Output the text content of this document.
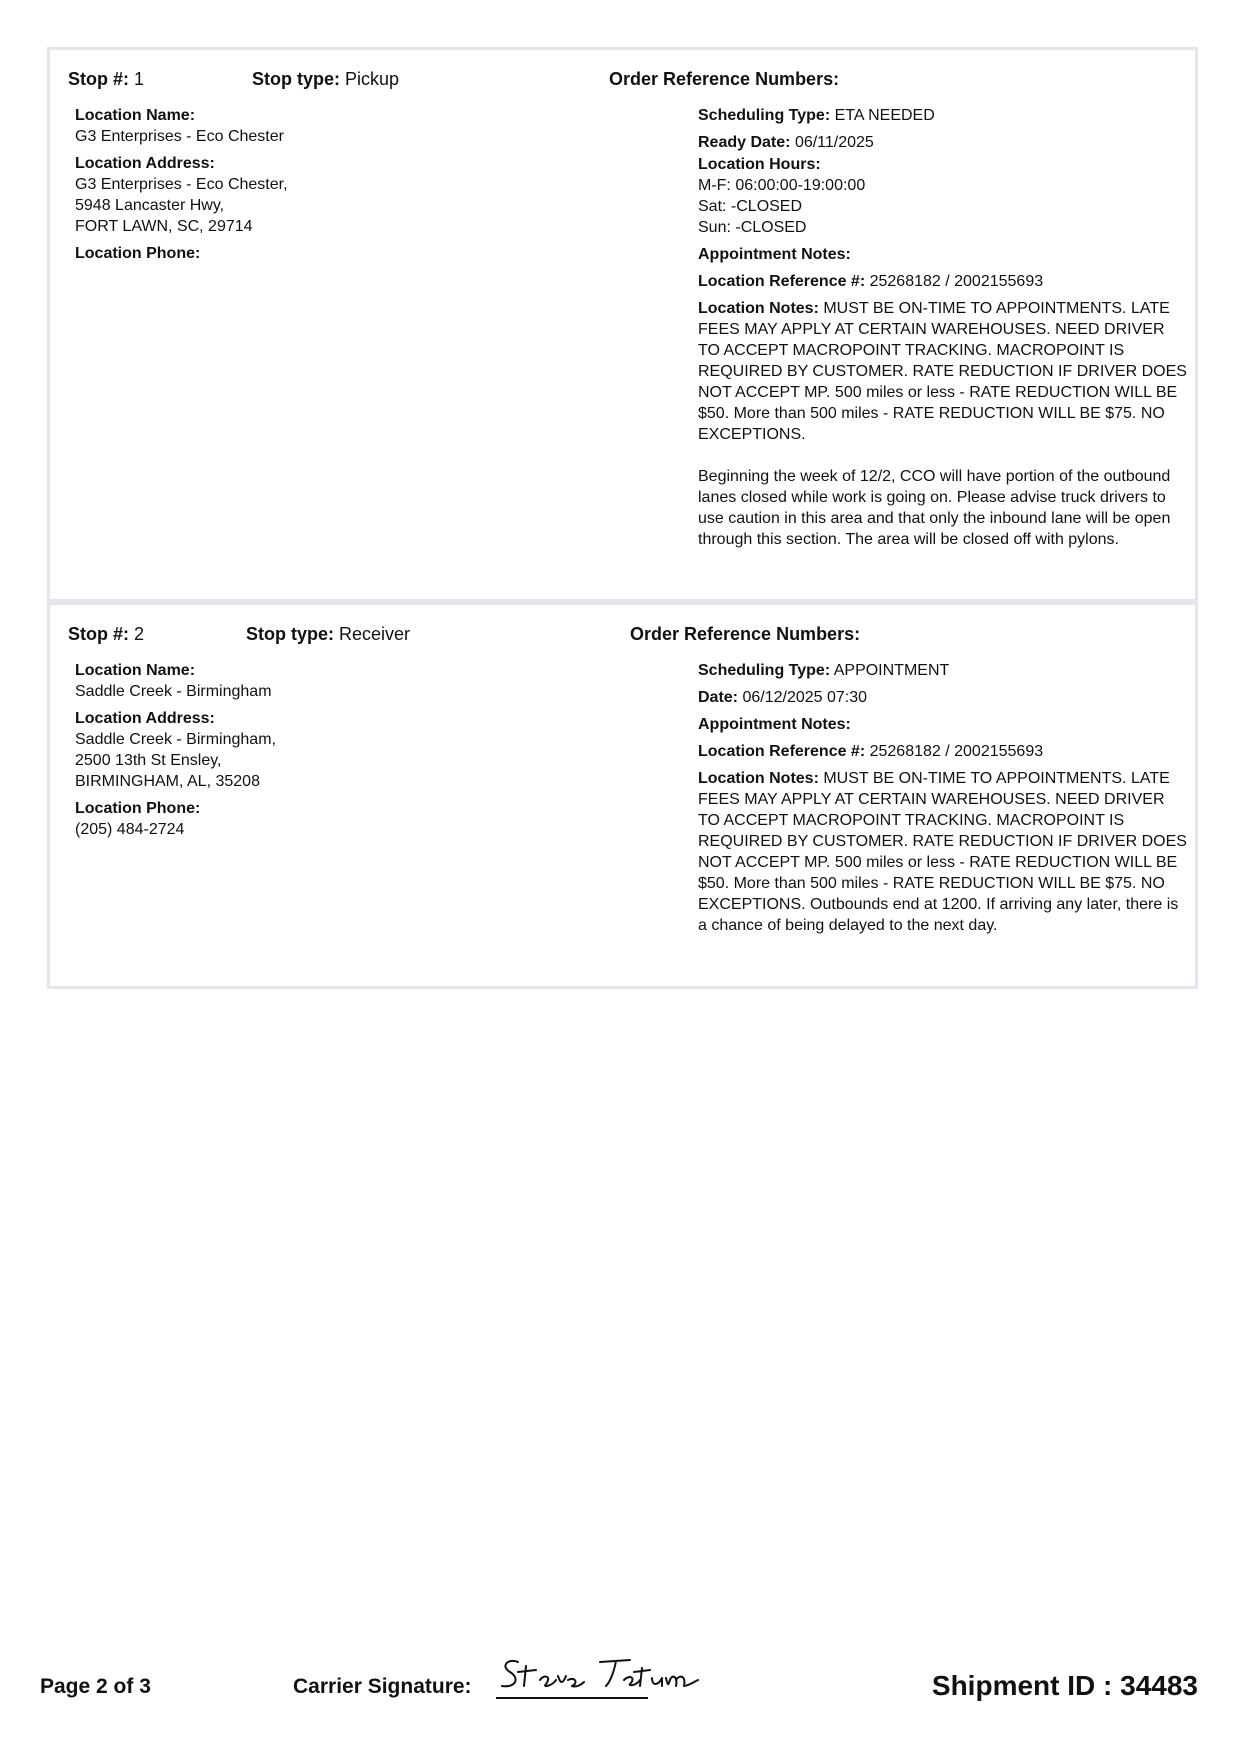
Stop #: 1	Stop type: Pickup	Order Reference Numbers:
Location Name:
G3 Enterprises - Eco Chester
Location Address:
G3 Enterprises - Eco Chester,
5948 Lancaster Hwy,
FORT LAWN, SC, 29714
Location Phone:
Scheduling Type: ETA NEEDED
Ready Date: 06/11/2025
Location Hours:
M-F: 06:00:00-19:00:00
Sat: -CLOSED
Sun: -CLOSED
Appointment Notes:
Location Reference #: 25268182 / 2002155693
Location Notes: MUST BE ON-TIME TO APPOINTMENTS. LATE FEES MAY APPLY AT CERTAIN WAREHOUSES. NEED DRIVER TO ACCEPT MACROPOINT TRACKING. MACROPOINT IS REQUIRED BY CUSTOMER. RATE REDUCTION IF DRIVER DOES NOT ACCEPT MP. 500 miles or less - RATE REDUCTION WILL BE $50. More than 500 miles - RATE REDUCTION WILL BE $75. NO EXCEPTIONS.
Beginning the week of 12/2, CCO will have portion of the outbound lanes closed while work is going on. Please advise truck drivers to use caution in this area and that only the inbound lane will be open through this section. The area will be closed off with pylons.
Stop #: 2	Stop type: Receiver	Order Reference Numbers:
Location Name:
Saddle Creek - Birmingham
Location Address:
Saddle Creek - Birmingham,
2500 13th St Ensley,
BIRMINGHAM, AL, 35208
Location Phone:
(205) 484-2724
Scheduling Type: APPOINTMENT
Date: 06/12/2025 07:30
Appointment Notes:
Location Reference #: 25268182 / 2002155693
Location Notes: MUST BE ON-TIME TO APPOINTMENTS. LATE FEES MAY APPLY AT CERTAIN WAREHOUSES. NEED DRIVER TO ACCEPT MACROPOINT TRACKING. MACROPOINT IS REQUIRED BY CUSTOMER. RATE REDUCTION IF DRIVER DOES NOT ACCEPT MP. 500 miles or less - RATE REDUCTION WILL BE $50. More than 500 miles - RATE REDUCTION WILL BE $75. NO EXCEPTIONS. Outbounds end at 1200. If arriving any later, there is a chance of being delayed to the next day.
Page 2 of 3	Carrier Signature:	Shipment ID : 34483
